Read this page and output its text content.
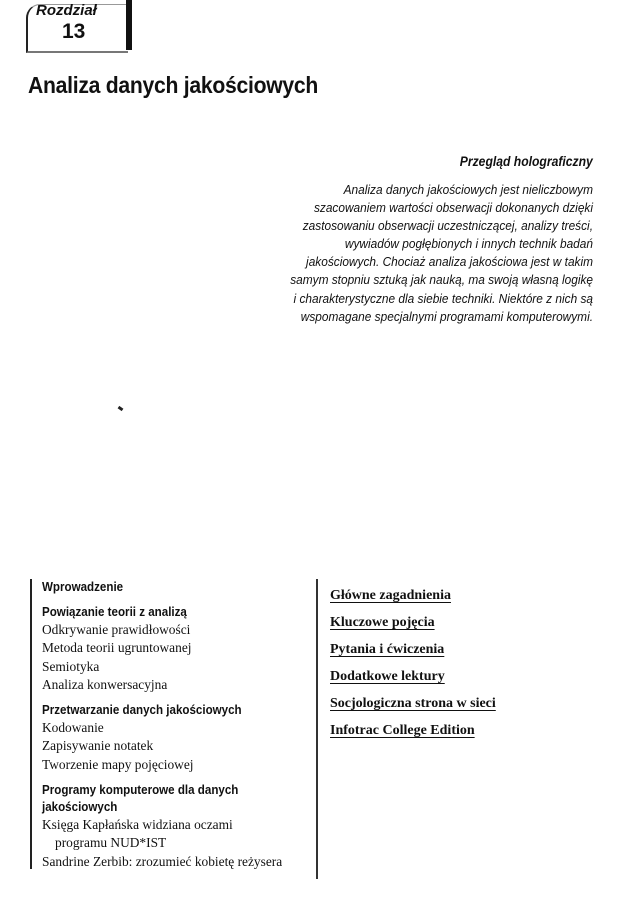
Rozdział
13
Analiza danych jakościowych
Przegląd holograficzny
Analiza danych jakościowych jest nieliczbowym szacowaniem wartości obserwacji dokonanych dzięki zastosowaniu obserwacji uczestniczącej, analizy treści, wywiadów pogłębionych i innych technik badań jakościowych. Chociaż analiza jakościowa jest w takim samym stopniu sztuką jak nauką, ma swoją własną logikę i charakterystyczne dla siebie techniki. Niektóre z nich są wspomagane specjalnymi programami komputerowymi.
Wprowadzenie
Powiązanie teorii z analizą
Odkrywanie prawidłowości
Metoda teorii ugruntowanej
Semiotyka
Analiza konwersacyjna
Przetwarzanie danych jakościowych
Kodowanie
Zapisywanie notatek
Tworzenie mapy pojęciowej
Programy komputerowe dla danych
jakościowych
Księga Kapłańska widziana oczami
programu NUD*IST
Sandrine Zerbib: zrozumieć kobietę reżysera
Główne zagadnienia
Kluczowe pojęcia
Pytania i ćwiczenia
Dodatkowe lektury
Socjologiczna strona w sieci
Infotrac College Edition
